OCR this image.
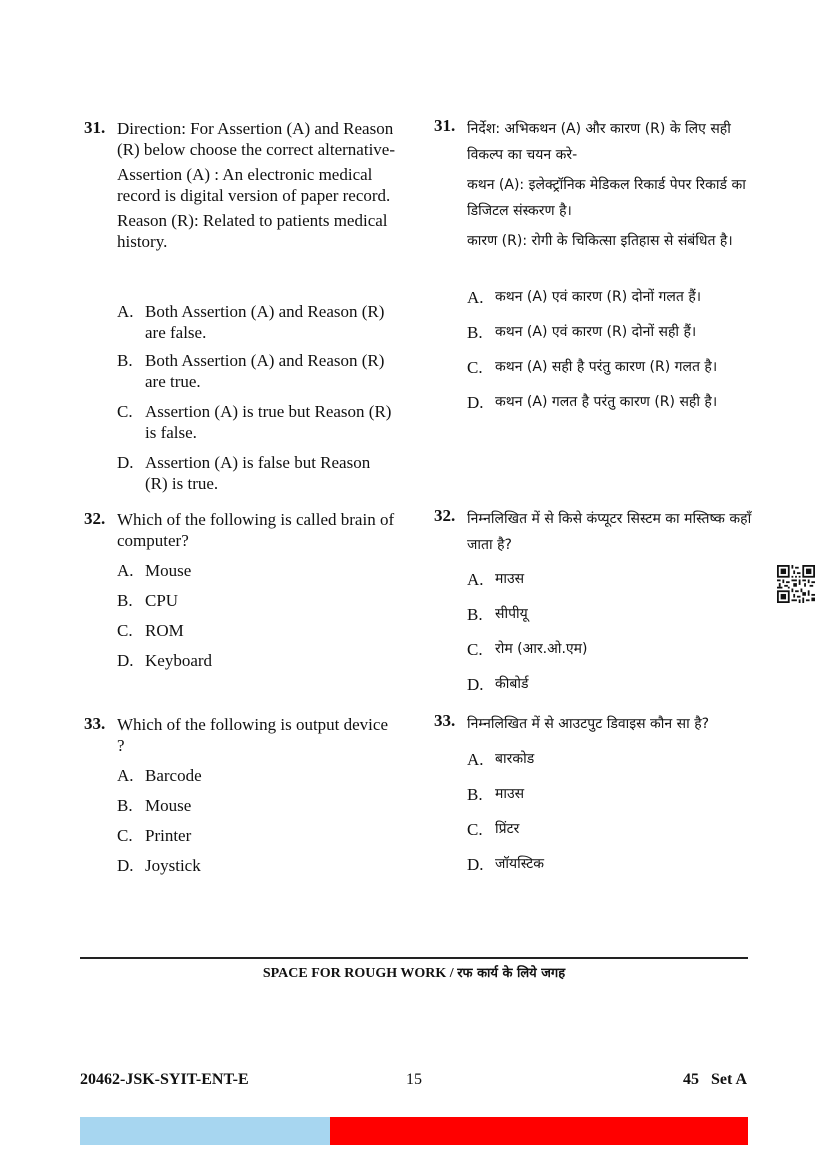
31. Direction: For Assertion (A) and Reason (R) below choose the correct alternative-

Assertion (A) : An electronic medical record is digital version of paper record.

Reason (R): Related to patients medical history.

A. Both Assertion (A) and Reason (R) are false.
B. Both Assertion (A) and Reason (R) are true.
C. Assertion (A) is true but Reason (R) is false.
D. Assertion (A) is false but Reason (R) is true.
32. Which of the following is called brain of computer?

A. Mouse
B. CPU
C. ROM
D. Keyboard
33. Which of the following is output device ?

A. Barcode
B. Mouse
C. Printer
D. Joystick
31. निर्देश: अभिकथन (A) और कारण (R) के लिए सही विकल्प का चयन करे-

कथन (A): इलेक्ट्रॉनिक मेडिकल रिकार्ड पेपर रिकार्ड का डिजिटल संस्करण है।

कारण (R): रोगी के चिकित्सा इतिहास से संबंधित है।

A. कथन (A) एवं कारण (R) दोनों गलत हैं।
B. कथन (A) एवं कारण (R) दोनों सही हैं।
C. कथन (A) सही है परंतु कारण (R) गलत है।
D. कथन (A) गलत है परंतु कारण (R) सही है।
32. निम्नलिखित में से किसे कंप्यूटर सिस्टम का मस्तिष्क कहाँ जाता है?

A. माउस
B. सीपीयू
C. रोम (आर.ओ.एम)
D. कीबोर्ड
33. निम्नलिखित में से आउटपुट डिवाइस कौन सा है?

A. बारकोड
B. माउस
C. प्रिंटर
D. जॉयस्टिक
SPACE FOR ROUGH WORK / रफ कार्य के लिये जगह
20462-JSK-SYIT-ENT-E	15	45   Set A
